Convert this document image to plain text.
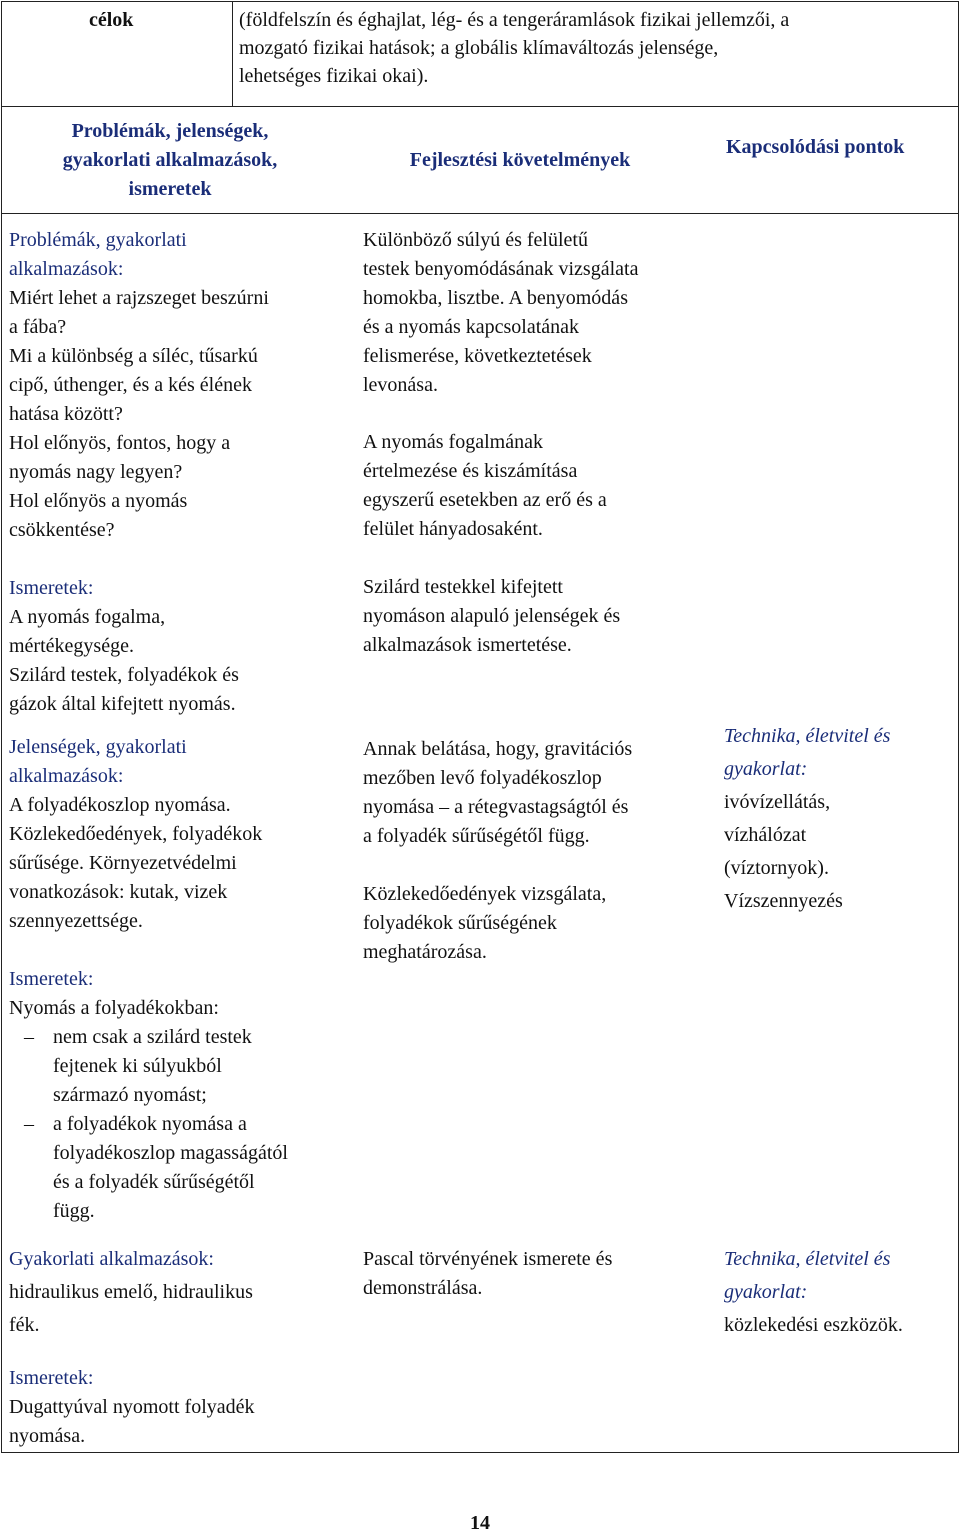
célok	(földfelszín és éghajlat, lég- és a tengeráramlások fizikai jellemzői, a
mozgató fizikai hatások; a globális klímaváltozás jelensége,
lehetséges fizikai okai).
Problémák, jelenségek,
gyakorlati alkalmazások,
ismeretek
Fejlesztési követelmények
Kapcsolódási pontok
Problémák, gyakorlati
alkalmazások:
Miért lehet a rajzszeget beszúrni
a fába?
Mi a különbség a síléc, tűsarkú
cipő, úthenger, és a kés élének
hatása között?
Hol előnyös, fontos, hogy a
nyomás nagy legyen?
Hol előnyös a nyomás
csökkentése?
Ismeretek:
A nyomás fogalma,
mértékegysége.
Szilárd testek, folyadékok és
gázok által kifejtett nyomás.
Jelenségek, gyakorlati
alkalmazások:
A folyadékoszlop nyomása.
Közlekedőedények, folyadékok
sűrűsége. Környezetvédelmi
vonatkozások: kutak, vizek
szennyezettsége.
Ismeretek:
Nyomás a folyadékokban:
– nem csak a szilárd testek
fejtenek ki súlyukból
származó nyomást;
– a folyadékok nyomása a
folyadékoszlop magasságától
és a folyadék sűrűségétől
függ.
Gyakorlati alkalmazások:
hidraulikus emelő, hidraulikus
fék.
Ismeretek:
Dugattyúval nyomott folyadék
nyomása.
Különböző súlyú és felületű
testek benyomódásának vizsgálata
homokba, lisztbe. A benyomódás
és a nyomás kapcsolatának
felismerése, következtetések
levonása.
A nyomás fogalmának
értelmezése és kiszámítása
egyszerű esetekben az erő és a
felület hányadosaként.
Szilárd testekkel kifejtett
nyomáson alapuló jelenségek és
alkalmazások ismertetése.
Annak belátása, hogy, gravitációs
mezőben levő folyadékoszlop
nyomása – a rétegvastagságtól és
a folyadék sűrűségétől függ.
Közlekedőedények vizsgálata,
folyadékok sűrűségének
meghatározása.
Pascal törvényének ismerete és
demonstrálása.
Technika, életvitel és
gyakorlat:
ivóvízellátás,
vízhálózat
(víztornyok).
Vízszennyezés
Technika, életvitel és
gyakorlat:
közlekedési eszközök.
14
